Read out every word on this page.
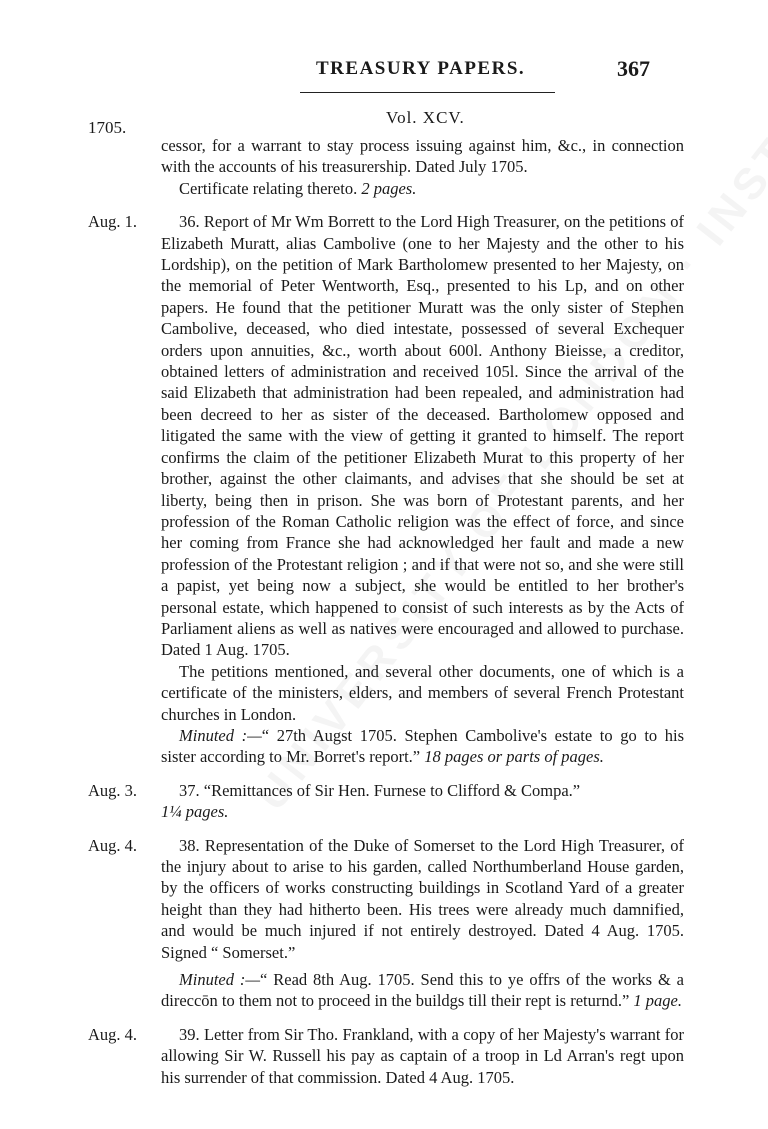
TREASURY PAPERS.	367
1705.
Vol. XCV.

cessor, for a warrant to stay process issuing against him, &c., in connection with the accounts of his treasurership. Dated July 1705.

Certificate relating thereto. 2 pages.

Aug. 1.	36. Report of Mr Wm Borrett to the Lord High Treasurer, on the petitions of Elizabeth Muratt, alias Cambolive (one to her Majesty and the other to his Lordship), on the petition of Mark Bartholomew presented to her Majesty, on the memorial of Peter Wentworth, Esq., presented to his Lp, and on other papers. He found that the petitioner Muratt was the only sister of Stephen Cambolive, deceased, who died intestate, possessed of several Exchequer orders upon annuities, &c., worth about 600l. Anthony Bieisse, a creditor, obtained letters of administration and received 105l. Since the arrival of the said Elizabeth that administration had been repealed, and administration had been decreed to her as sister of the deceased. Bartholomew opposed and litigated the same with the view of getting it granted to himself. The report confirms the claim of the petitioner Elizabeth Murat to this property of her brother, against the other claimants, and advises that she should be set at liberty, being then in prison. She was born of Protestant parents, and her profession of the Roman Catholic religion was the effect of force, and since her coming from France she had acknowledged her fault and made a new profession of the Protestant religion ; and if that were not so, and she were still a papist, yet being now a subject, she would be entitled to her brother's personal estate, which happened to consist of such interests as by the Acts of Parliament aliens as well as natives were encouraged and allowed to purchase. Dated 1 Aug. 1705.

The petitions mentioned, and several other documents, one of which is a certificate of the ministers, elders, and members of several French Protestant churches in London.

Minuted :—“ 27th Augst 1705. Stephen Cambolive's estate to go to his sister according to Mr. Borret's report.” 18 pages or parts of pages.

Aug. 3.	37. “Remittances of Sir Hen. Furnese to Clifford & Compa.”

1¼ pages.

Aug. 4.	38. Representation of the Duke of Somerset to the Lord High Treasurer, of the injury about to arise to his garden, called Northumberland House garden, by the officers of works constructing buildings in Scotland Yard of a greater height than they had hitherto been. His trees were already much damnified, and would be much injured if not entirely destroyed. Dated 4 Aug. 1705. Signed “ Somerset.”

Minuted :—“ Read 8th Aug. 1705. Send this to ye offrs of the works & a direccōn to them not to proceed in the buildgs till their rept is returnd.” 1 page.

Aug. 4.	39. Letter from Sir Tho. Frankland, with a copy of her Majesty's warrant for allowing Sir W. Russell his pay as captain of a troop in Ld Arran's regt upon his surrender of that commission. Dated 4 Aug. 1705.
